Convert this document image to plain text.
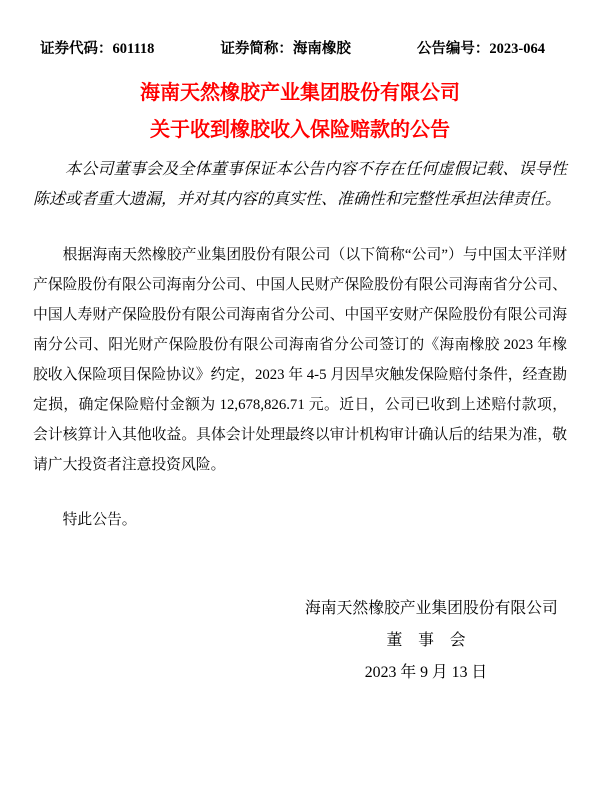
证券代码：601118	证券简称：海南橡胶	公告编号：2023-064
海南天然橡胶产业集团股份有限公司
关于收到橡胶收入保险赔款的公告

本公司董事会及全体董事保证本公告内容不存在任何虚假记载、误导性陈述或者重大遗漏，并对其内容的真实性、准确性和完整性承担法律责任。

根据海南天然橡胶产业集团股份有限公司（以下简称“公司”）与中国太平洋财产保险股份有限公司海南分公司、中国人民财产保险股份有限公司海南省分公司、中国人寿财产保险股份有限公司海南省分公司、中国平安财产保险股份有限公司海南分公司、阳光财产保险股份有限公司海南省分公司签订的《海南橡胶 2023 年橡胶收入保险项目保险协议》约定，2023 年 4-5 月因旱灾触发保险赔付条件，经查勘定损，确定保险赔付金额为 12,678,826.71 元。近日，公司已收到上述赔付款项，会计核算计入其他收益。具体会计处理最终以审计机构审计确认后的结果为准，敬请广大投资者注意投资风险。

特此公告。

海南天然橡胶产业集团股份有限公司
董　事　会
2023 年 9 月 13 日
